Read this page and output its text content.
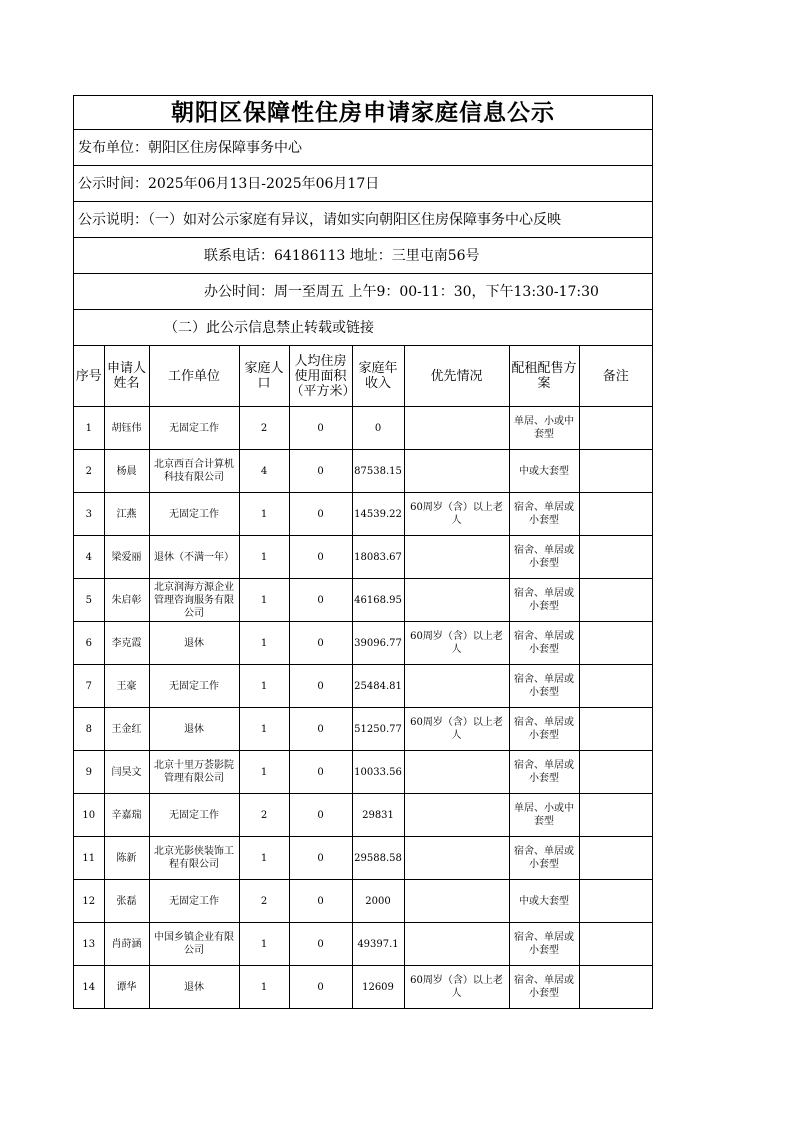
朝阳区保障性住房申请家庭信息公示
发布单位：朝阳区住房保障事务中心
公示时间：2025年06月13日-2025年06月17日
公示说明：（一）如对公示家庭有异议，请如实向朝阳区住房保障事务中心反映
联系电话：64186113 地址：三里屯南56号
办公时间：周一至周五 上午9：00-11：30，下午13:30-17:30
（二）此公示信息禁止转载或链接
序号	申请人姓名	工作单位	家庭人口	人均住房使用面积（平方米）	家庭年收入	优先情况	配租配售方案	备注
1	胡钰伟	无固定工作	2	0	0		单居、小或中套型	
2	杨晨	北京西百合计算机科技有限公司	4	0	87538.15		中或大套型	
3	江燕	无固定工作	1	0	14539.22	60周岁（含）以上老人	宿舍、单居或小套型	
4	梁爱丽	退休（不满一年）	1	0	18083.67		宿舍、单居或小套型	
5	朱启彰	北京润海方源企业管理咨询服务有限公司	1	0	46168.95		宿舍、单居或小套型	
6	李克霞	退休	1	0	39096.77	60周岁（含）以上老人	宿舍、单居或小套型	
7	王豪	无固定工作	1	0	25484.81		宿舍、单居或小套型	
8	王金红	退休	1	0	51250.77	60周岁（含）以上老人	宿舍、单居或小套型	
9	闫昊文	北京十里万荟影院管理有限公司	1	0	10033.56		宿舍、单居或小套型	
10	辛嘉瑞	无固定工作	2	0	29831		单居、小或中套型	
11	陈新	北京光影侠装饰工程有限公司	1	0	29588.58		宿舍、单居或小套型	
12	张磊	无固定工作	2	0	2000		中或大套型	
13	肖莳涵	中国乡镇企业有限公司	1	0	49397.1		宿舍、单居或小套型	
14	谭华	退休	1	0	12609	60周岁（含）以上老人	宿舍、单居或小套型	
